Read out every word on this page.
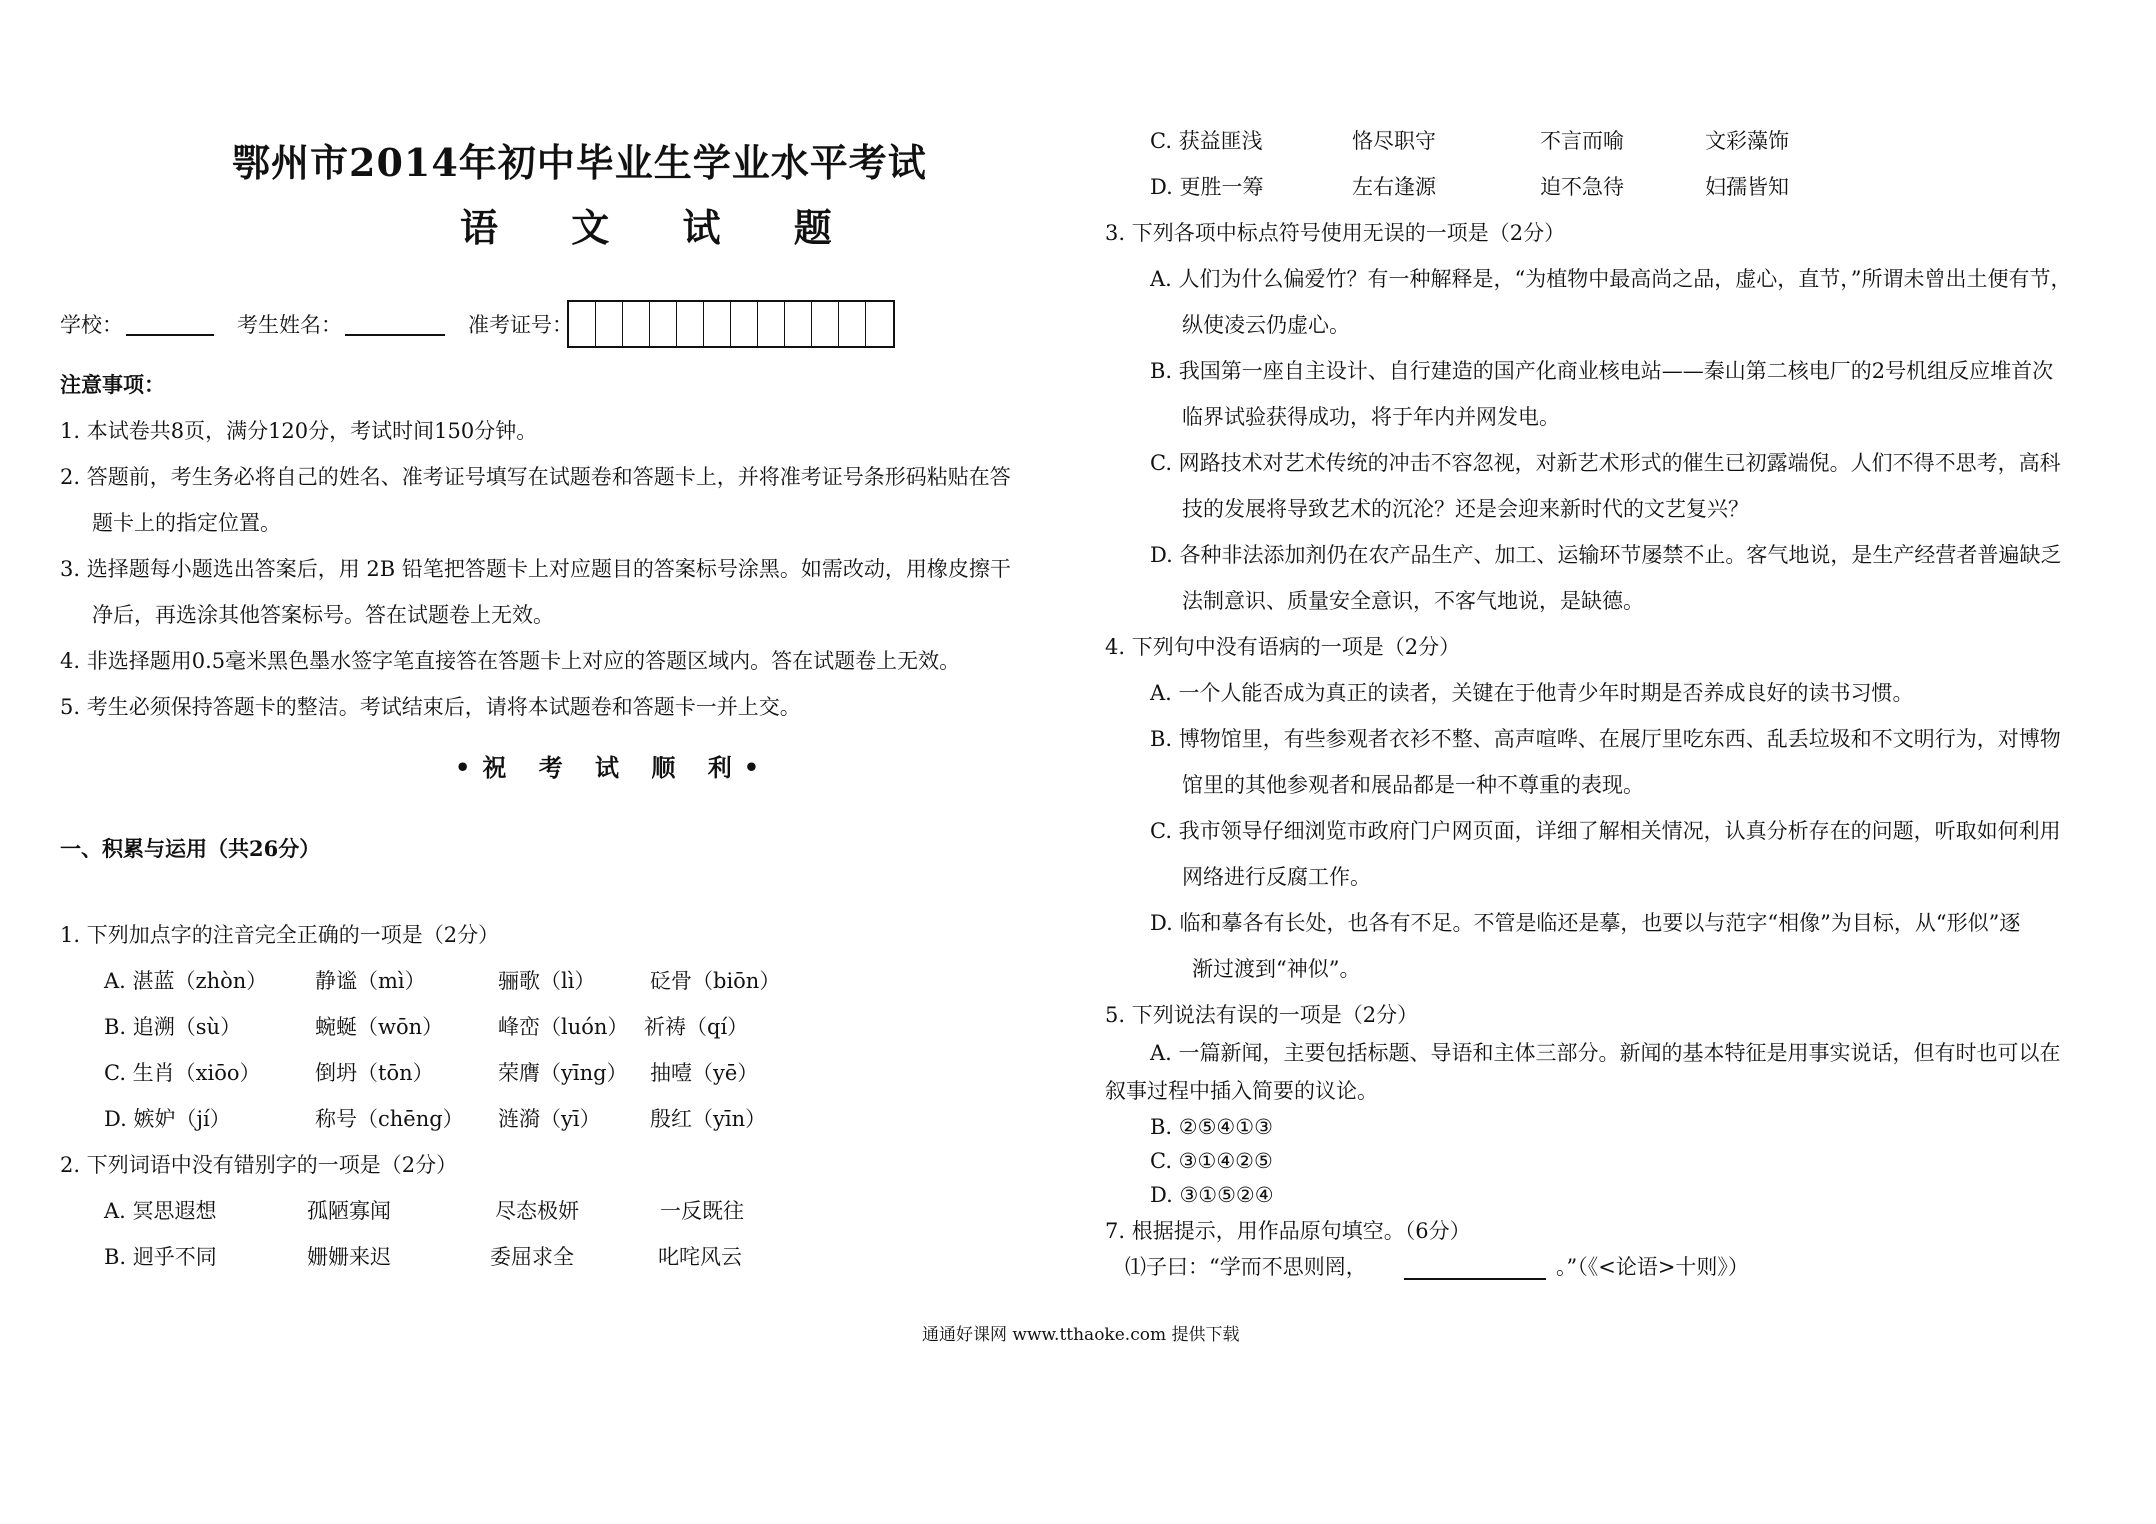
鄂州市2014年初中毕业生学业水平考试
语 文 试 题
学校：	考生姓名：	准考证号：
注意事项：
1. 本试卷共8页，满分120分，考试时间150分钟。
2. 答题前，考生务必将自己的姓名、准考证号填写在试题卷和答题卡上，并将准考证号条形码粘贴在答
题卡上的指定位置。
3. 选择题每小题选出答案后，用 2B 铅笔把答题卡上对应题目的答案标号涂黑。如需改动，用橡皮擦干
净后，再选涂其他答案标号。答在试题卷上无效。
4. 非选择题用0.5毫米黑色墨水签字笔直接答在答题卡上对应的答题区域内。答在试题卷上无效。
5. 考生必须保持答题卡的整洁。考试结束后，请将本试题卷和答题卡一并上交。
•祝 考 试 顺 利•
一、积累与运用（共26分）
1. 下列加点字的注音完全正确的一项是（2分）
A. 湛蓝（zhòn） 静谧（mì）	骊歌（lì）	砭骨（biōn）
B. 追溯（sù）	蜿蜒（wōn）	峰峦（luón） 祈祷（qí）
C. 生肖（xiōo）	倒坍（tōn）	荣膺（yīng） 抽噎（yē）
D. 嫉妒（jí）	称号（chēng） 涟漪（yī） 殷红（yīn）
2. 下列词语中没有错别字的一项是（2分）
A. 冥思遐想	孤陋寡闻	尽态极妍	一反既往
B. 迥乎不同	姗姗来迟	委屈求全	叱咤风云
C. 获益匪浅	恪尽职守	不言而喻	文彩藻饰
D. 更胜一筹	左右逢源	迫不急待	妇孺皆知
3. 下列各项中标点符号使用无误的一项是（2分）
A. 人们为什么偏爱竹？有一种解释是，“为植物中最高尚之品，虚心，直节，”所谓未曾出土便有节，
纵使凌云仍虚心。
B. 我国第一座自主设计、自行建造的国产化商业核电站——秦山第二核电厂的2号机组反应堆首次
临界试验获得成功，将于年内并网发电。
C. 网路技术对艺术传统的冲击不容忽视，对新艺术形式的催生已初露端倪。人们不得不思考，高科
技的发展将导致艺术的沉沦？还是会迎来新时代的文艺复兴？
D. 各种非法添加剂仍在农产品生产、加工、运输环节屡禁不止。客气地说，是生产经营者普遍缺乏
法制意识、质量安全意识，不客气地说，是缺德。
4. 下列句中没有语病的一项是（2分）
A. 一个人能否成为真正的读者，关键在于他青少年时期是否养成良好的读书习惯。
B. 博物馆里，有些参观者衣衫不整、高声喧哗、在展厅里吃东西、乱丢垃圾和不文明行为，对博物
馆里的其他参观者和展品都是一种不尊重的表现。
C. 我市领导仔细浏览市政府门户网页面，详细了解相关情况，认真分析存在的问题，听取如何利用
网络进行反腐工作。
D. 临和摹各有长处，也各有不足。不管是临还是摹，也要以与范字“相像”为目标，从“形似”逐
渐过渡到“神似”。
5. 下列说法有误的一项是（2分）
A. 一篇新闻，主要包括标题、导语和主体三部分。新闻的基本特征是用事实说话，但有时也可以在
叙事过程中插入简要的议论。
B. ②⑤④①③
C. ③①④②⑤
D. ③①⑤②④
7. 根据提示，用作品原句填空。（6分）
⑴子曰：“学而不思则罔，	。”（《<论语>十则》）
通通好课网 www.tthaoke.com 提供下载
